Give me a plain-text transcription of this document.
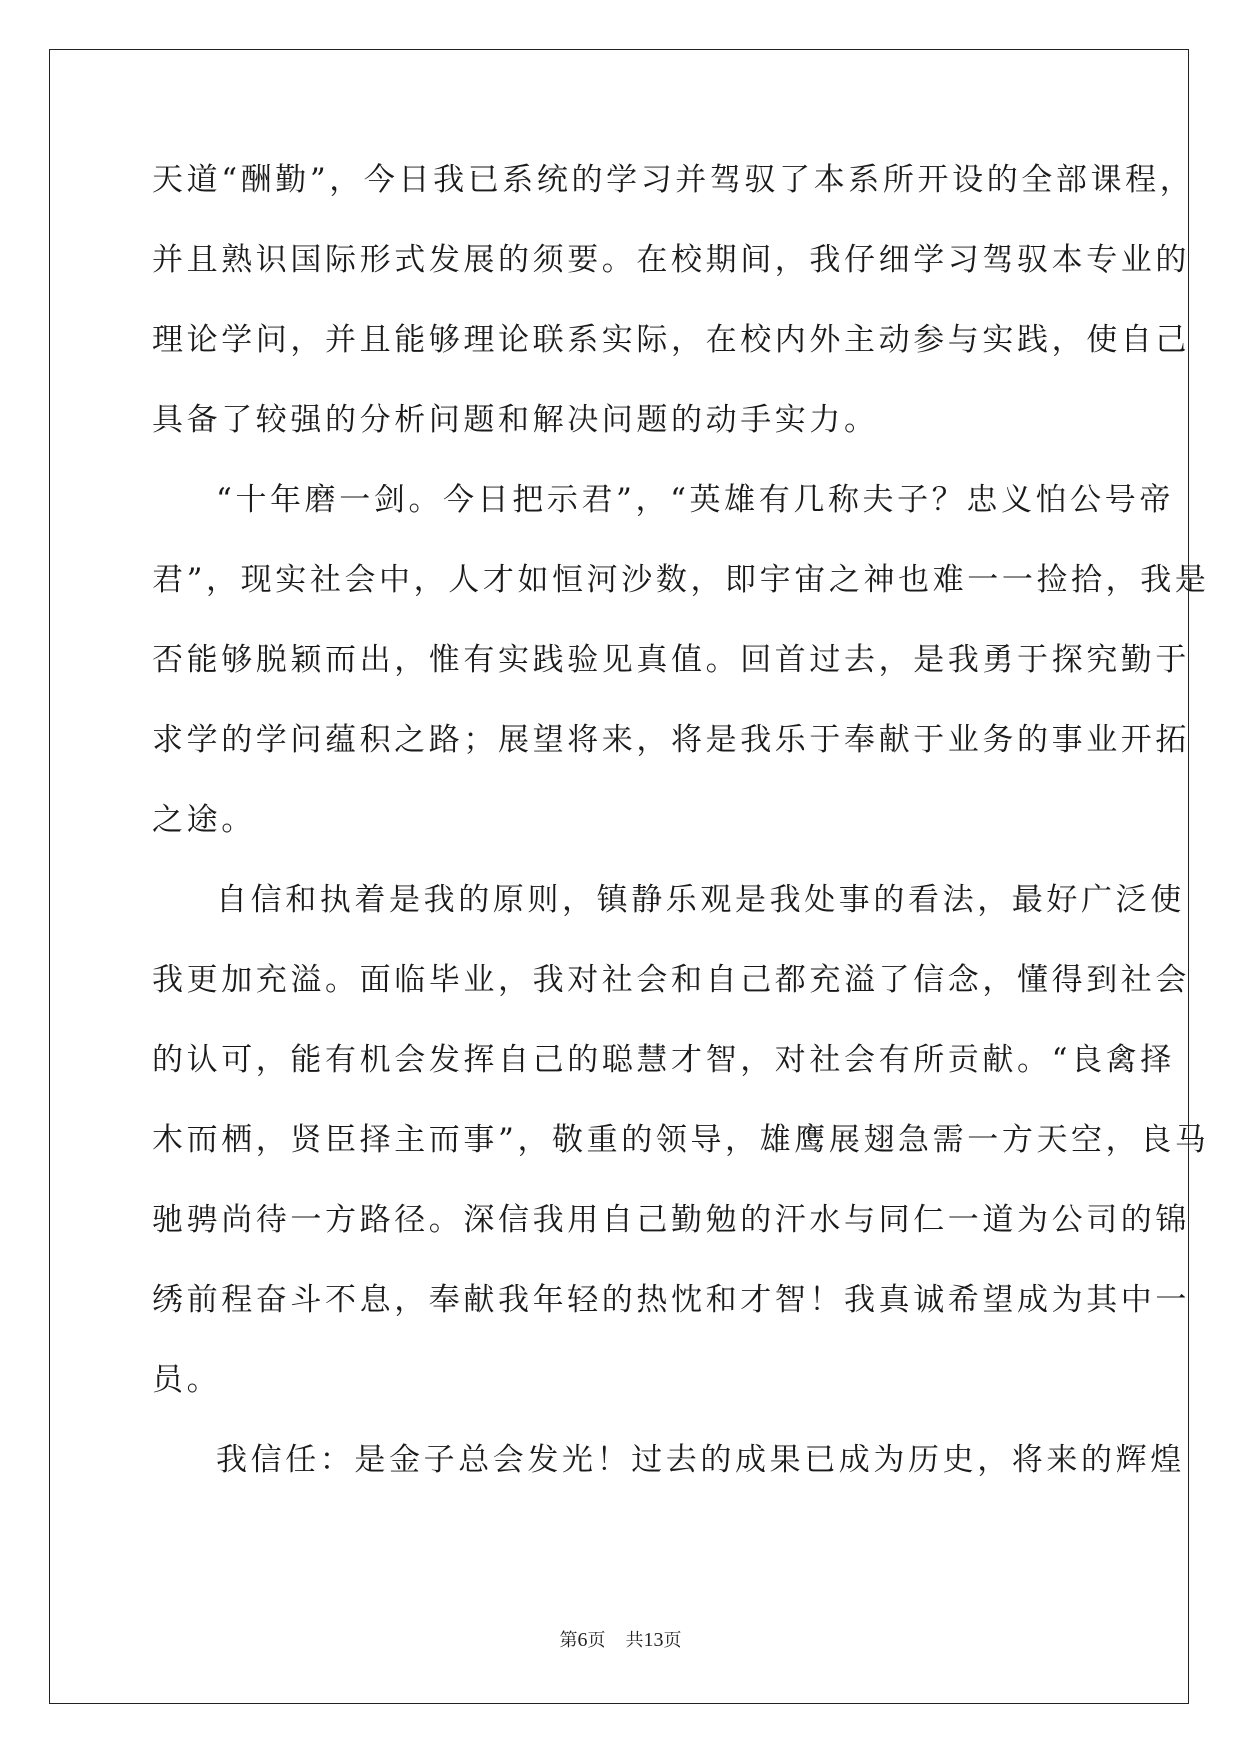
天道“酬勤”，今日我已系统的学习并驾驭了本系所开设的全部课程，
并且熟识国际形式发展的须要。在校期间，我仔细学习驾驭本专业的
理论学问，并且能够理论联系实际，在校内外主动参与实践，使自己
具备了较强的分析问题和解决问题的动手实力。
“十年磨一剑。今日把示君”，“英雄有几称夫子？忠义怕公号帝
君”，现实社会中，人才如恒河沙数，即宇宙之神也难一一捡拾，我是
否能够脱颖而出，惟有实践验见真值。回首过去，是我勇于探究勤于
求学的学问蕴积之路；展望将来，将是我乐于奉献于业务的事业开拓
之途。
自信和执着是我的原则，镇静乐观是我处事的看法，最好广泛使
我更加充溢。面临毕业，我对社会和自己都充溢了信念，懂得到社会
的认可，能有机会发挥自己的聪慧才智，对社会有所贡献。“良禽择
木而栖，贤臣择主而事”，敬重的领导，雄鹰展翅急需一方天空，良马
驰骋尚待一方路径。深信我用自己勤勉的汗水与同仁一道为公司的锦
绣前程奋斗不息，奉献我年轻的热忱和才智！我真诚希望成为其中一
员。
我信任：是金子总会发光！过去的成果已成为历史，将来的辉煌
第6页 共13页
